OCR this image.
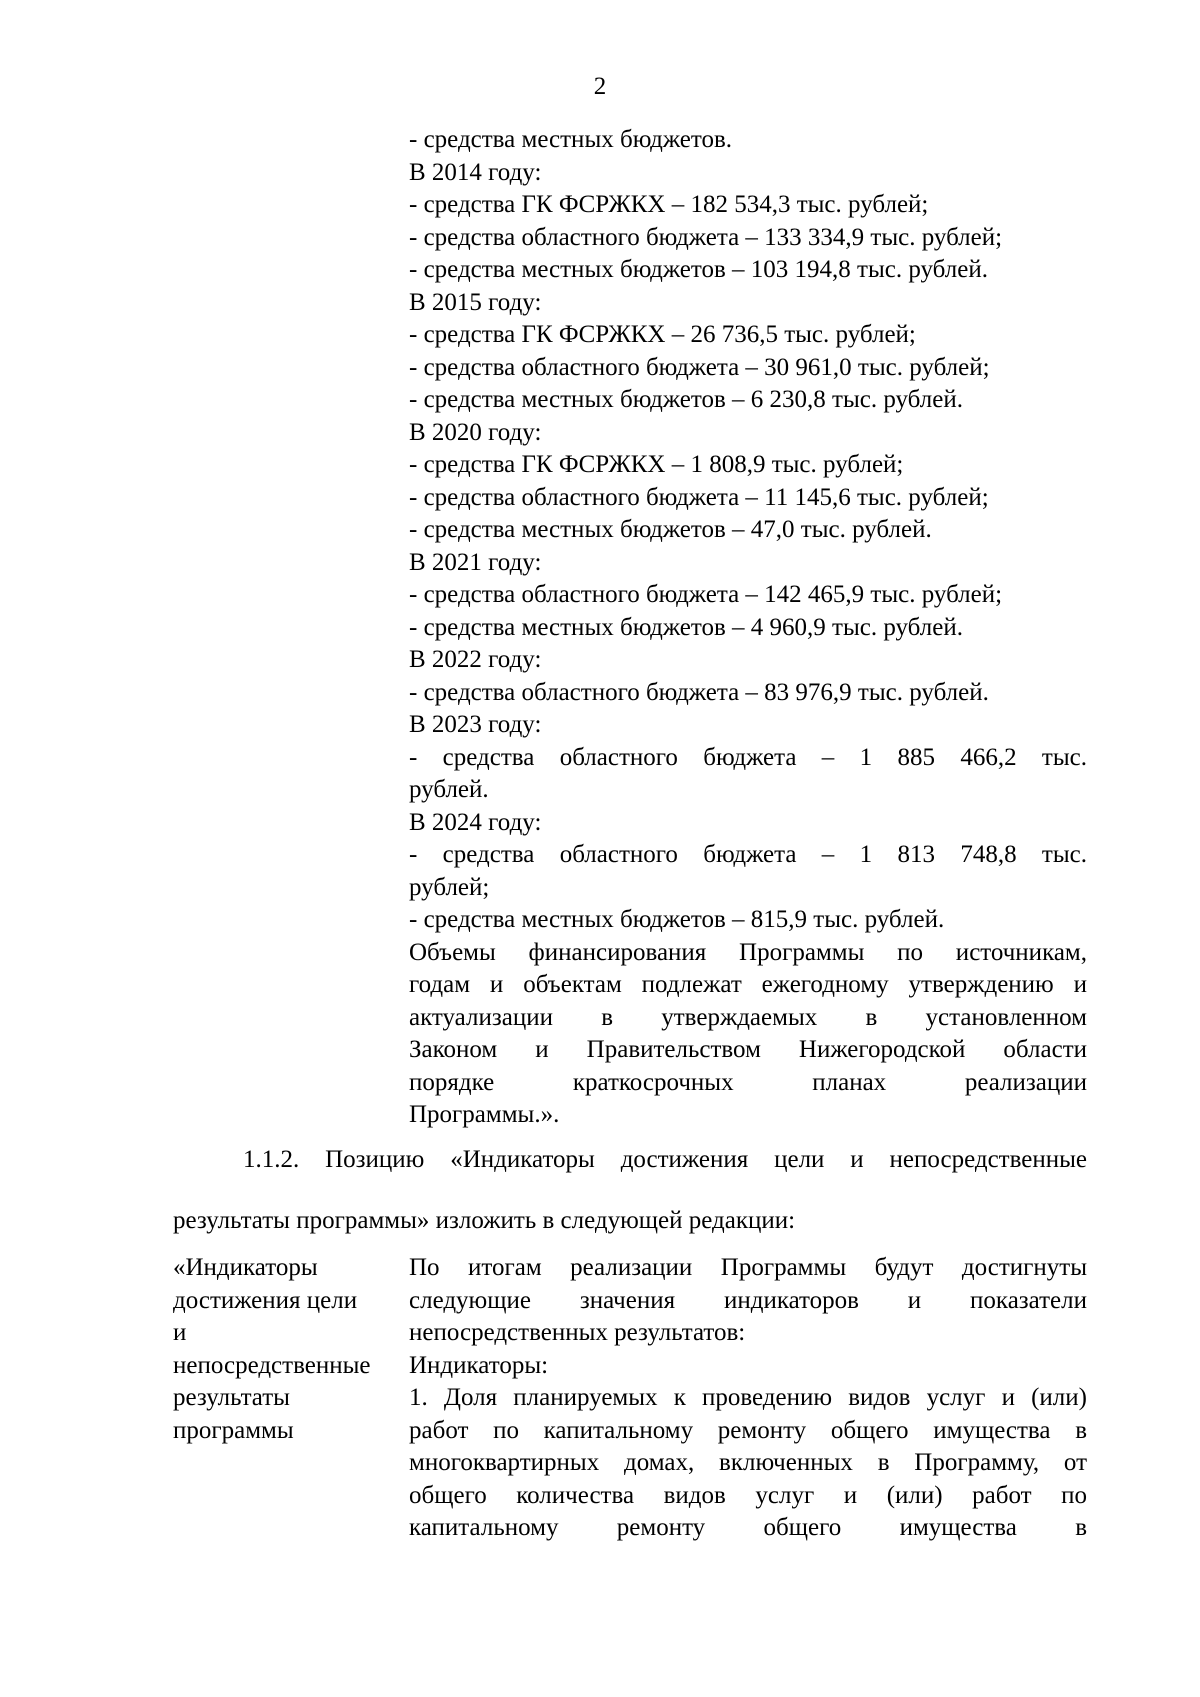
2
- средства местных бюджетов.
В 2014 году:
- средства ГК ФСРЖКХ – 182 534,3 тыс. рублей;
- средства областного бюджета – 133 334,9 тыс. рублей;
- средства местных бюджетов – 103 194,8 тыс. рублей.
В 2015 году:
- средства ГК ФСРЖКХ – 26 736,5 тыс. рублей;
- средства областного бюджета – 30 961,0 тыс. рублей;
- средства местных бюджетов – 6 230,8 тыс. рублей.
В 2020 году:
- средства ГК ФСРЖКХ – 1 808,9 тыс. рублей;
- средства областного бюджета – 11 145,6 тыс. рублей;
- средства местных бюджетов – 47,0 тыс. рублей.
В 2021 году:
- средства областного бюджета – 142 465,9 тыс. рублей;
- средства местных бюджетов – 4 960,9 тыс. рублей.
В 2022 году:
- средства областного бюджета – 83 976,9 тыс. рублей.
В 2023 году:
- средства областного бюджета – 1 885 466,2 тыс.
рублей.
В 2024 году:
- средства областного бюджета – 1 813 748,8 тыс.
рублей;
- средства местных бюджетов – 815,9 тыс. рублей.
Объемы финансирования Программы по источникам,
годам и объектам подлежат ежегодному утверждению и
актуализации в утверждаемых в установленном
Законом и Правительством Нижегородской области
порядке краткосрочных планах реализации
Программы.».
1.1.2. Позицию «Индикаторы достижения цели и непосредственные
результаты программы» изложить в следующей редакции:
«Индикаторы
достижения цели
и
непосредственные
результаты
программы
По итогам реализации Программы будут достигнуты
следующие значения индикаторов и показатели
непосредственных результатов:
Индикаторы:
1. Доля планируемых к проведению видов услуг и (или)
работ по капитальному ремонту общего имущества в
многоквартирных домах, включенных в Программу, от
общего количества видов услуг и (или) работ по
капитальному ремонту общего имущества в
